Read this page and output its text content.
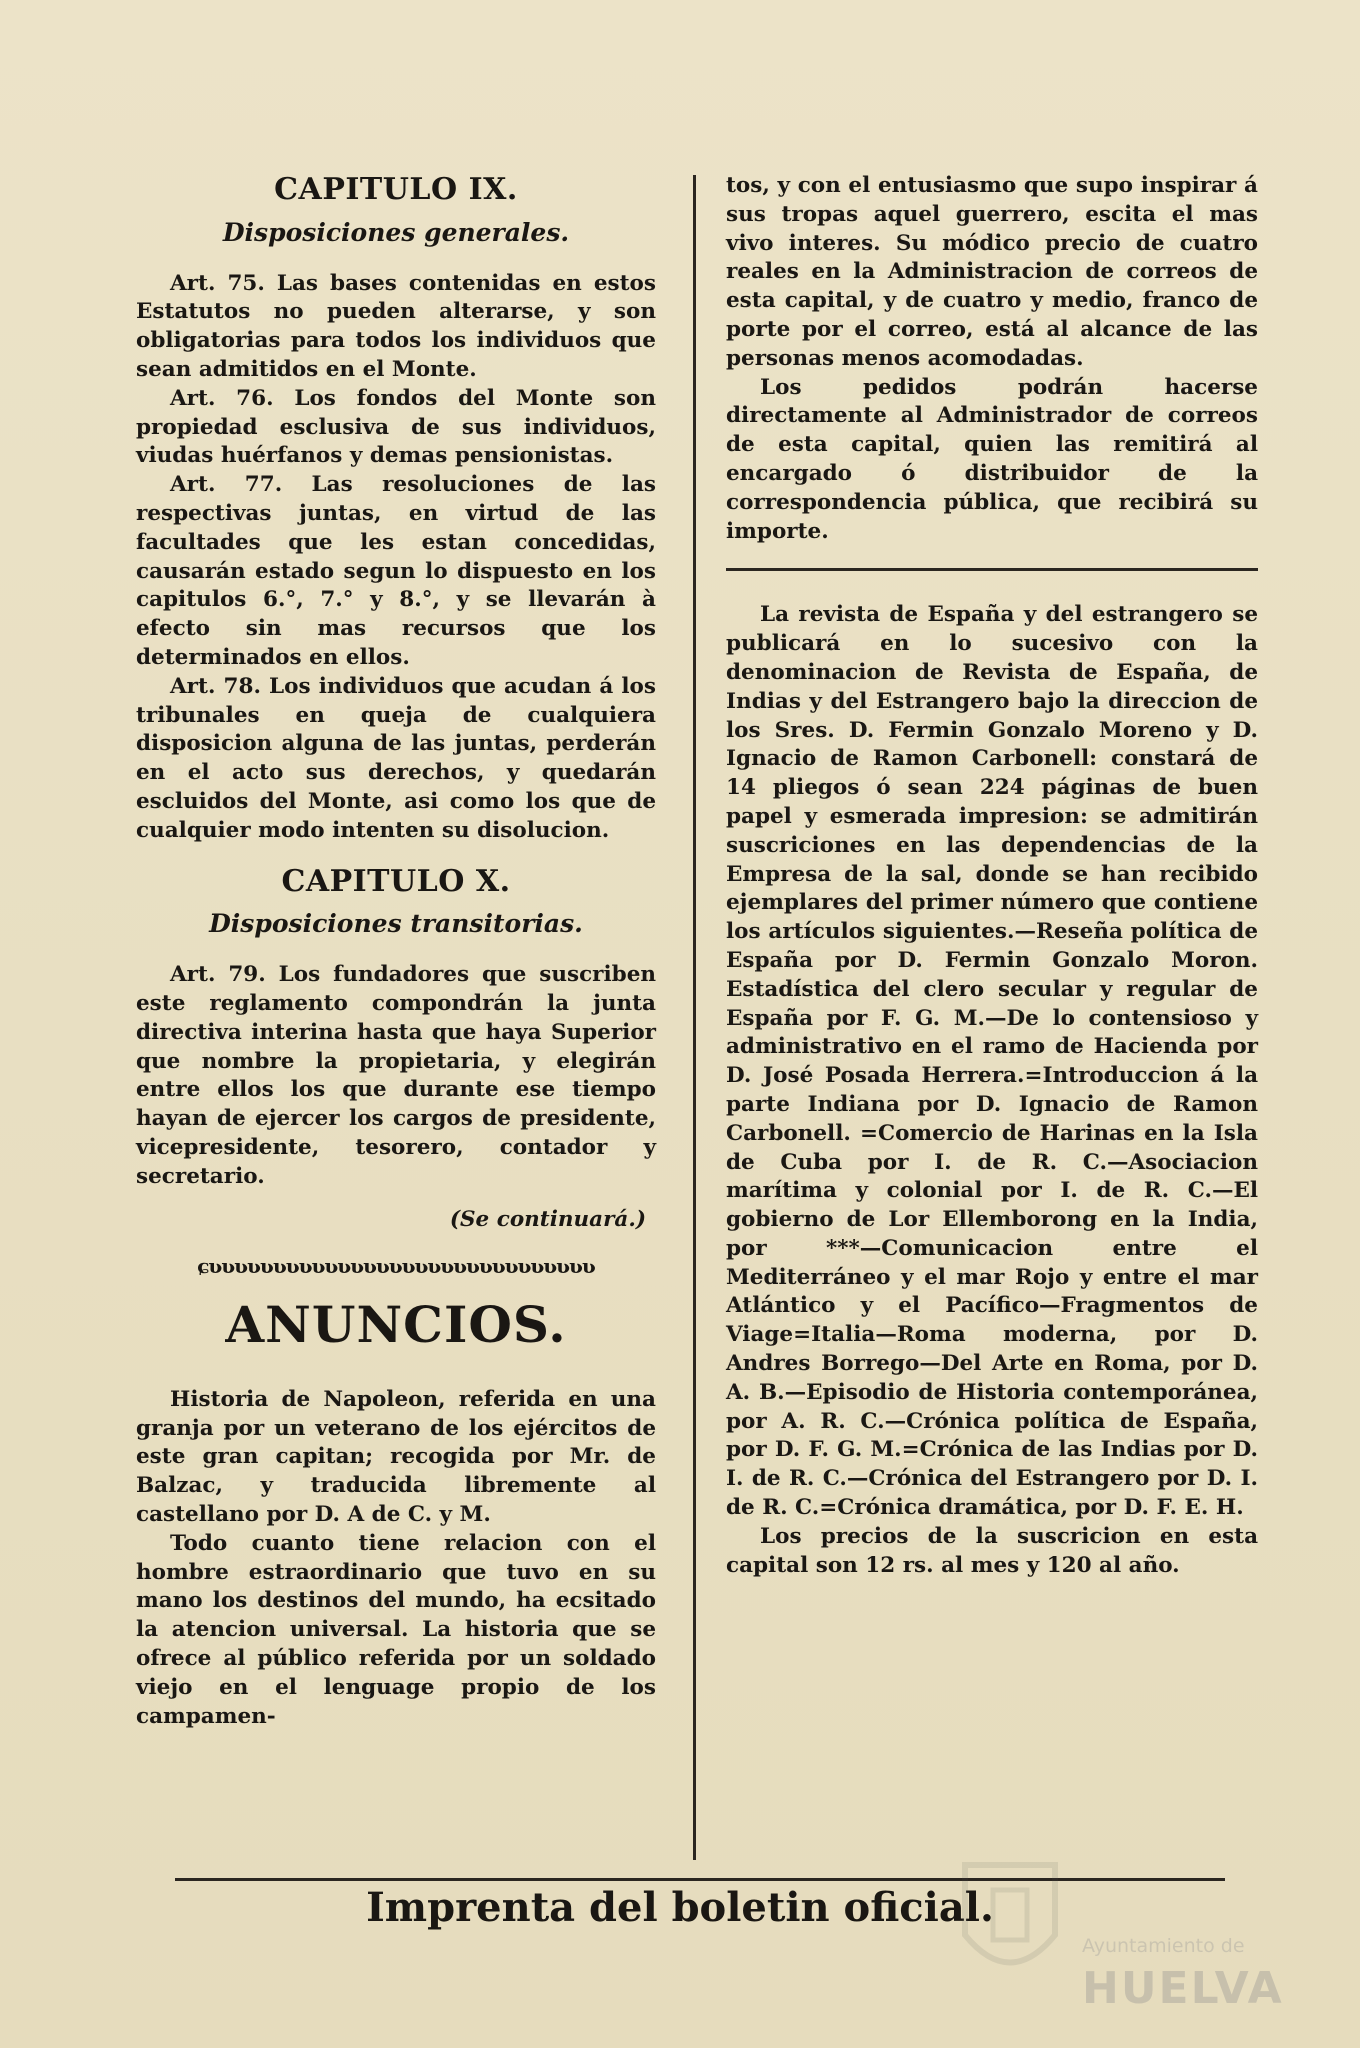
CAPITULO IX.
Disposiciones generales.

Art. 75. Las bases contenidas en estos Estatutos no pueden alterarse, y son obligatorias para todos los individuos que sean admitidos en el Monte.

Art. 76. Los fondos del Monte son propiedad esclusiva de sus individuos, viudas huérfanos y demas pensionistas.

Art. 77. Las resoluciones de las respectivas juntas, en virtud de las facultades que les estan concedidas, causarán estado segun lo dispuesto en los capitulos 6.°, 7.° y 8.°, y se llevarán à efecto sin mas recursos que los determinados en ellos.

Art. 78. Los individuos que acudan á los tribunales en queja de cualquiera disposicion alguna de las juntas, perderán en el acto sus derechos, y quedarán escluidos del Monte, asi como los que de cualquier modo intenten su disolucion.

CAPITULO X.
Disposiciones transitorias.

Art. 79. Los fundadores que suscriben este reglamento compondrán la junta directiva interina hasta que haya Superior que nombre la propietaria, y elegirán entre ellos los que durante ese tiempo hayan de ejercer los cargos de presidente, vicepresidente, tesorero, contador y secretario.

(Se continuará.)
ɕʋʋʋʋʋʋʋʋʋʋʋʋʋʋʋʋʋʋʋʋʋʋʋʋʋʋʋʋʋʋ
ANUNCIOS.

Historia de Napoleon, referida en una granja por un veterano de los ejércitos de este gran capitan; recogida por Mr. de Balzac, y traducida libremente al castellano por D. A de C. y M.

Todo cuanto tiene relacion con el hombre estraordinario que tuvo en su mano los destinos del mundo, ha ecsitado la atencion universal. La historia que se ofrece al público referida por un soldado viejo en el lenguage propio de los campamen-

tos, y con el entusiasmo que supo inspirar á sus tropas aquel guerrero, escita el mas vivo interes. Su módico precio de cuatro reales en la Administracion de correos de esta capital, y de cuatro y medio, franco de porte por el correo, está al alcance de las personas menos acomodadas.

Los pedidos podrán hacerse directamente al Administrador de correos de esta capital, quien las remitirá al encargado ó distribuidor de la correspondencia pública, que recibirá su importe.

La revista de España y del estrangero se publicará en lo sucesivo con la denominacion de Revista de España, de Indias y del Estrangero bajo la direccion de los Sres. D. Fermin Gonzalo Moreno y D. Ignacio de Ramon Carbonell: constará de 14 pliegos ó sean 224 páginas de buen papel y esmerada impresion: se admitirán suscriciones en las dependencias de la Empresa de la sal, donde se han recibido ejemplares del primer número que contiene los artículos siguientes.—Reseña política de España por D. Fermin Gonzalo Moron. Estadística del clero secular y regular de España por F. G. M.—De lo contensioso y administrativo en el ramo de Hacienda por D. José Posada Herrera.=Introduccion á la parte Indiana por D. Ignacio de Ramon Carbonell. =Comercio de Harinas en la Isla de Cuba por I. de R. C.—Asociacion marítima y colonial por I. de R. C.—El gobierno de Lor Ellemborong en la India, por ***—Comunicacion entre el Mediterráneo y el mar Rojo y entre el mar Atlántico y el Pacífico—Fragmentos de Viage=Italia—Roma moderna, por D. Andres Borrego—Del Arte en Roma, por D. A. B.—Episodio de Historia contemporánea, por A. R. C.—Crónica política de España, por D. F. G. M.=Crónica de las Indias por D. I. de R. C.—Crónica del Estrangero por D. I. de R. C.=Crónica dramática, por D. F. E. H.

Los precios de la suscricion en esta capital son 12 rs. al mes y 120 al año.

Imprenta del boletin oficial.
Ayuntamiento de
HUELVA
